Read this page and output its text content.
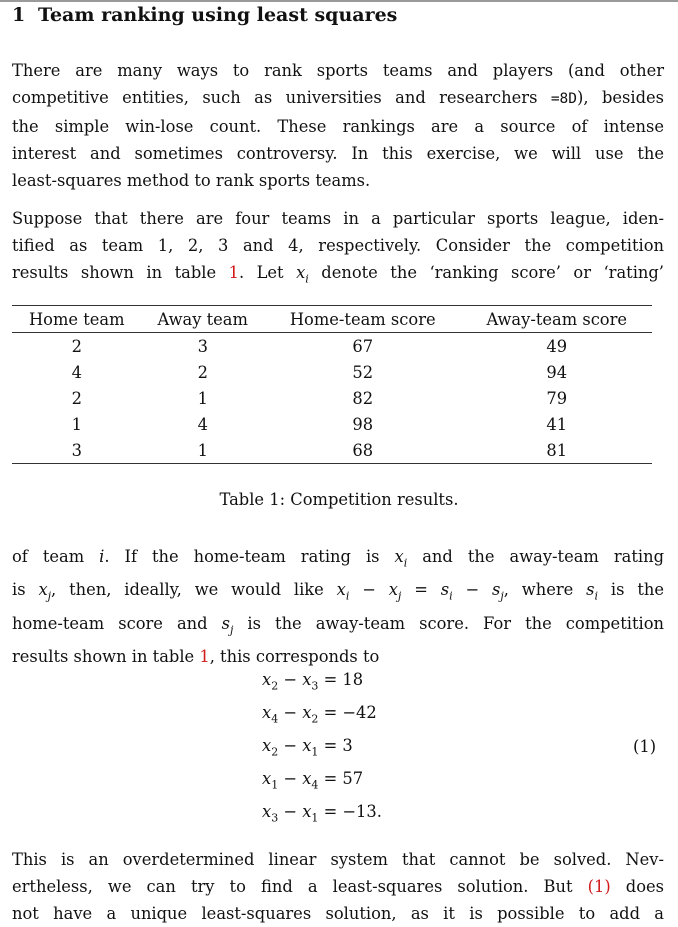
1 Team ranking using least squares
There are many ways to rank sports teams and players (and other
competitive entities, such as universities and researchers =8D), besides
the simple win-lose count. These rankings are a source of intense
interest and sometimes controversy. In this exercise, we will use the
least-squares method to rank sports teams.
Suppose that there are four teams in a particular sports league, iden-
tified as team 1, 2, 3 and 4, respectively. Consider the competition
results shown in table 1. Let $x_i$ denote the ‘ranking score’ or ‘rating’
Home team	Away team	Home-team score	Away-team score
2	3	67	49
4	2	52	94
2	1	82	79
1	4	98	41
3	1	68	81
Table 1: Competition results.
of team i. If the home-team rating is $x_i$ and the away-team rating
is $x_j$, then, ideally, we would like $x_i - x_j = s_i - s_j$, where $s_i$ is the
home-team score and $s_j$ is the away-team score. For the competition
results shown in table 1, this corresponds to
$x_2 - x_3 = 18$
$x_4 - x_2 = -42$
$x_2 - x_1 = 3$
$x_1 - x_4 = 57$
$x_3 - x_1 = -13$.
(1)
This is an overdetermined linear system that cannot be solved. Nev-
ertheless, we can try to find a least-squares solution. But (1) does
not have a unique least-squares solution, as it is possible to add a
